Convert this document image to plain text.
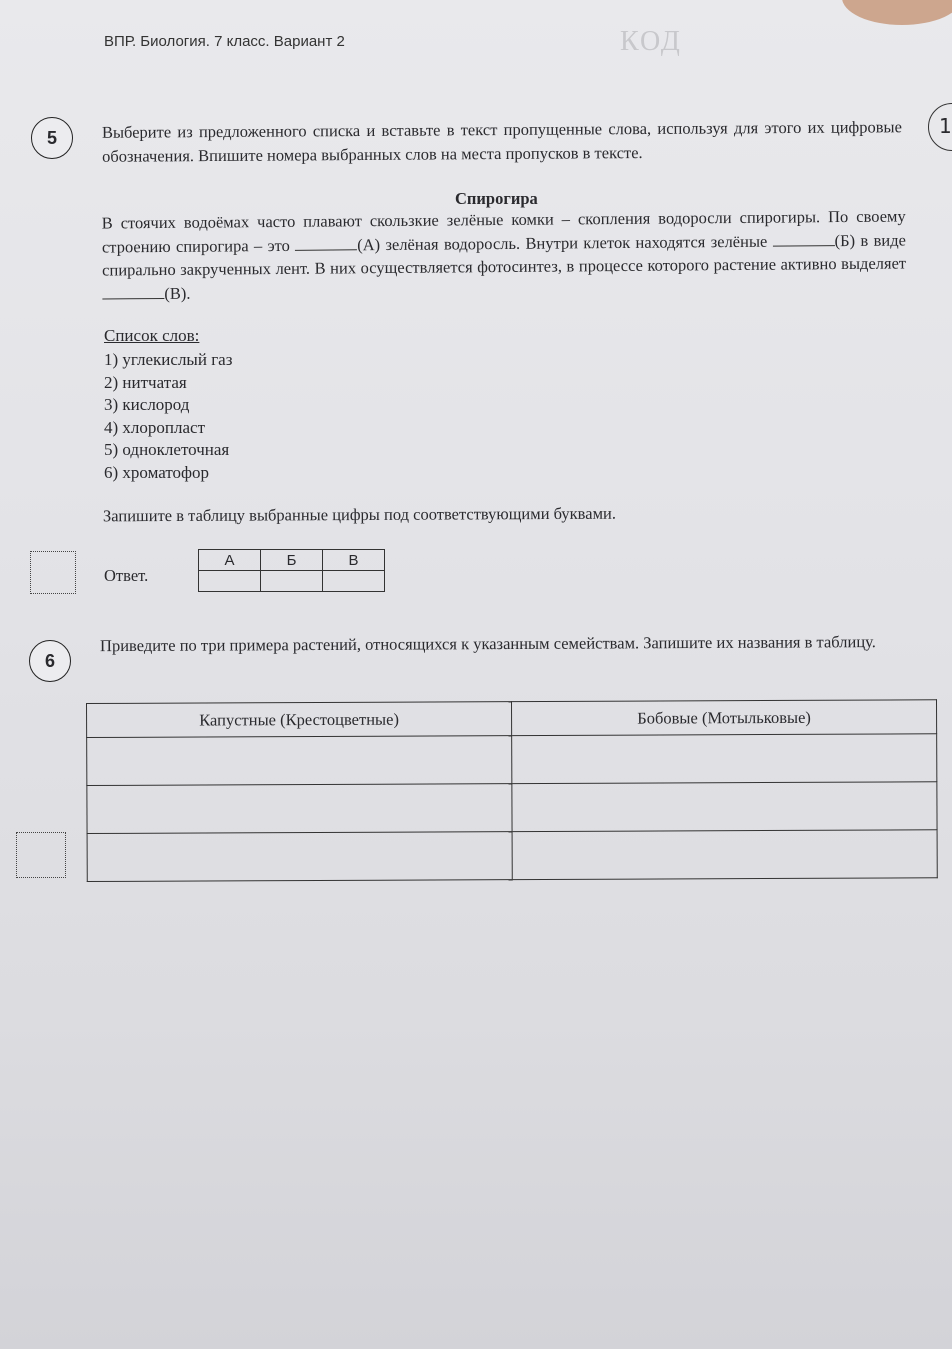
ВПР. Биология. 7 класс. Вариант 2	КОД
1
5	Выберите из предложенного списка и вставьте в текст пропущенные слова, используя для этого их цифровые обозначения. Впишите номера выбранных слов на места пропусков в тексте.
Спирогира
В стоячих водоёмах часто плавают скользкие зелёные комки – скопления водоросли спирогиры. По своему строению спирогира – это	(А) зелёная водоросль. Внутри клеток находятся зелёные	(Б) в виде спирально закрученных лент. В них осуществляется фотосинтез, в процессе которого растение активно выделяет (В).
Список слов:
1) углекислый газ
2) нитчатая
3) кислород
4) хлоропласт
5) одноклеточная
6) хроматофор
Запишите в таблицу выбранные цифры под соответствующими буквами.
Ответ.
А	Б	В

6
Приведите по три примера растений, относящихся к указанным семействам. Запишите их названия в таблицу.
Капустные (Крестоцветные)	Бобовые (Мотыльковые)
